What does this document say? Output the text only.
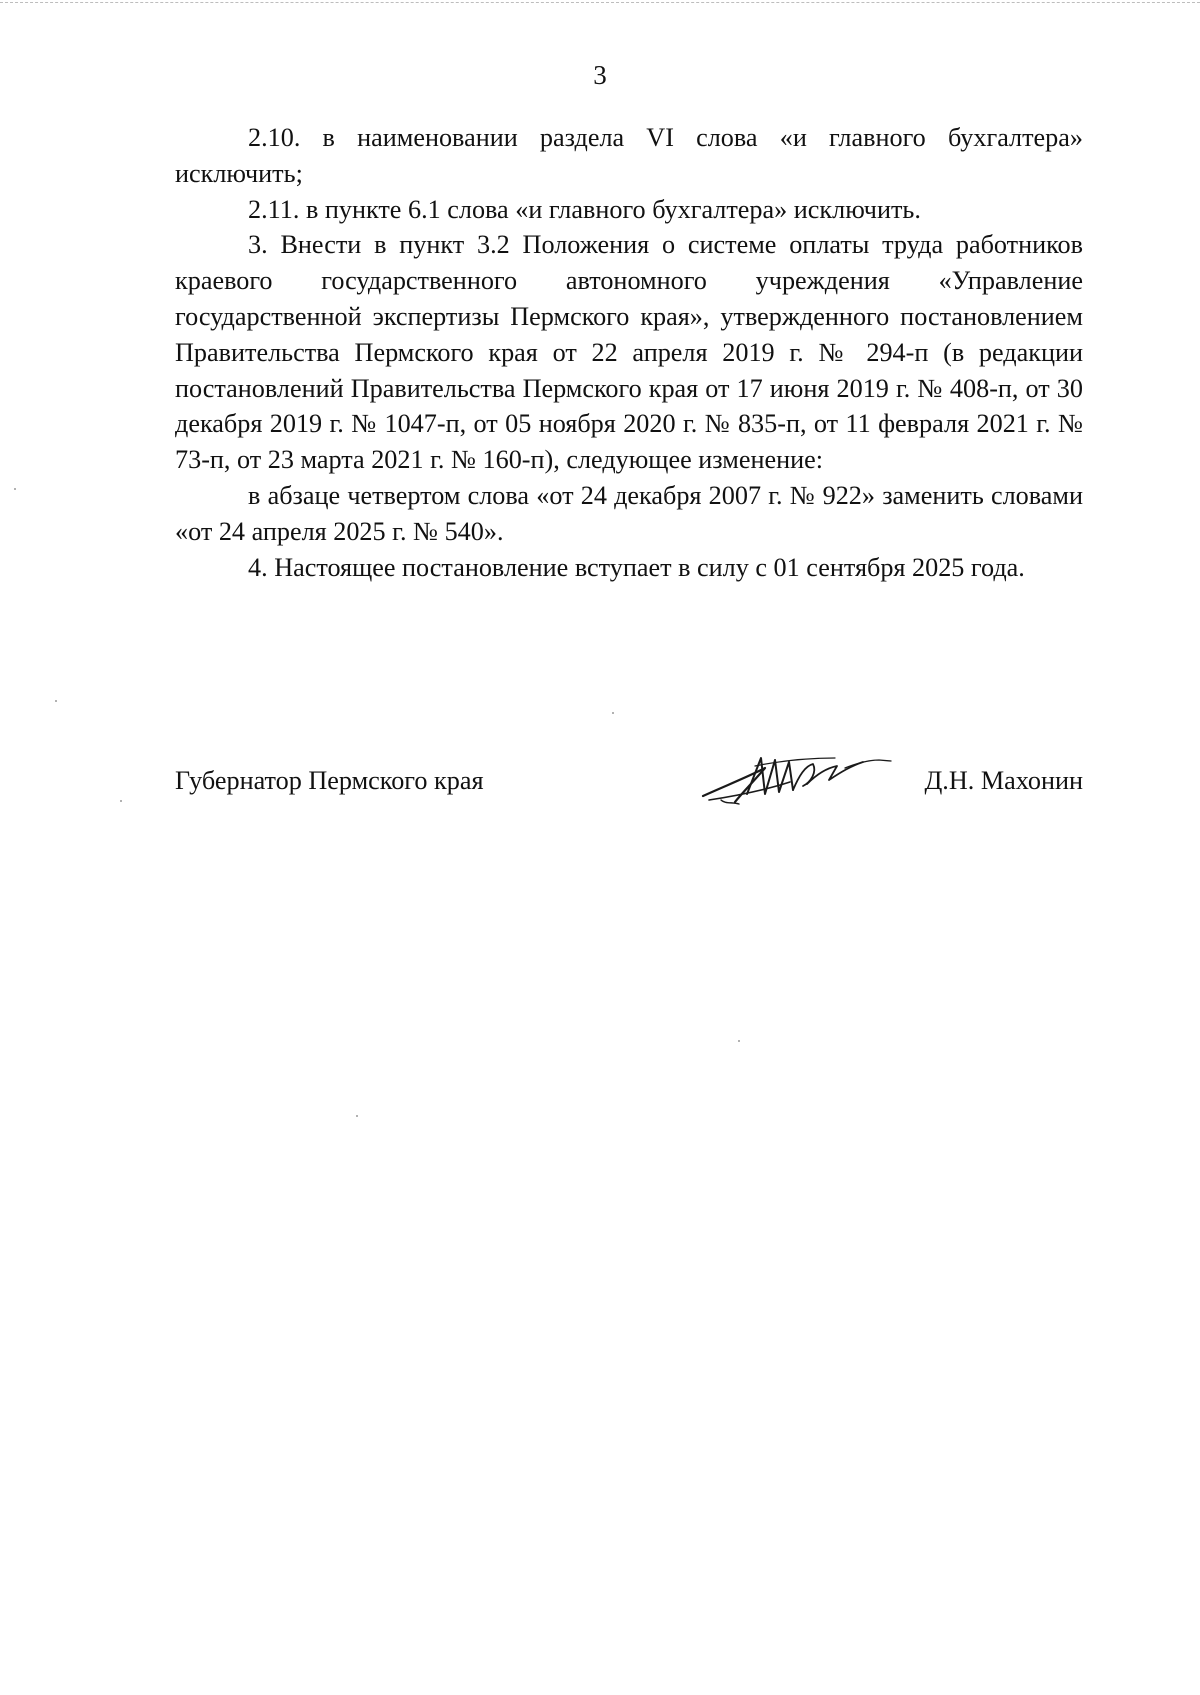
3

2.10. в наименовании раздела VI слова «и главного бухгалтера» исключить;

2.11. в пункте 6.1 слова «и главного бухгалтера» исключить.

3. Внести в пункт 3.2 Положения о системе оплаты труда работников краевого государственного автономного учреждения «Управление государственной экспертизы Пермского края», утвержденного постановлением Правительства Пермского края от 22 апреля 2019 г. № 294-п (в редакции постановлений Правительства Пермского края от 17 июня 2019 г. № 408-п, от 30 декабря 2019 г. № 1047-п, от 05 ноября 2020 г. № 835-п, от 11 февраля 2021 г. № 73-п, от 23 марта 2021 г. № 160-п), следующее изменение:

в абзаце четвертом слова «от 24 декабря 2007 г. № 922» заменить словами «от 24 апреля 2025 г. № 540».

4. Настоящее постановление вступает в силу с 01 сентября 2025 года.

Губернатор Пермского края	Д.Н. Махонин
